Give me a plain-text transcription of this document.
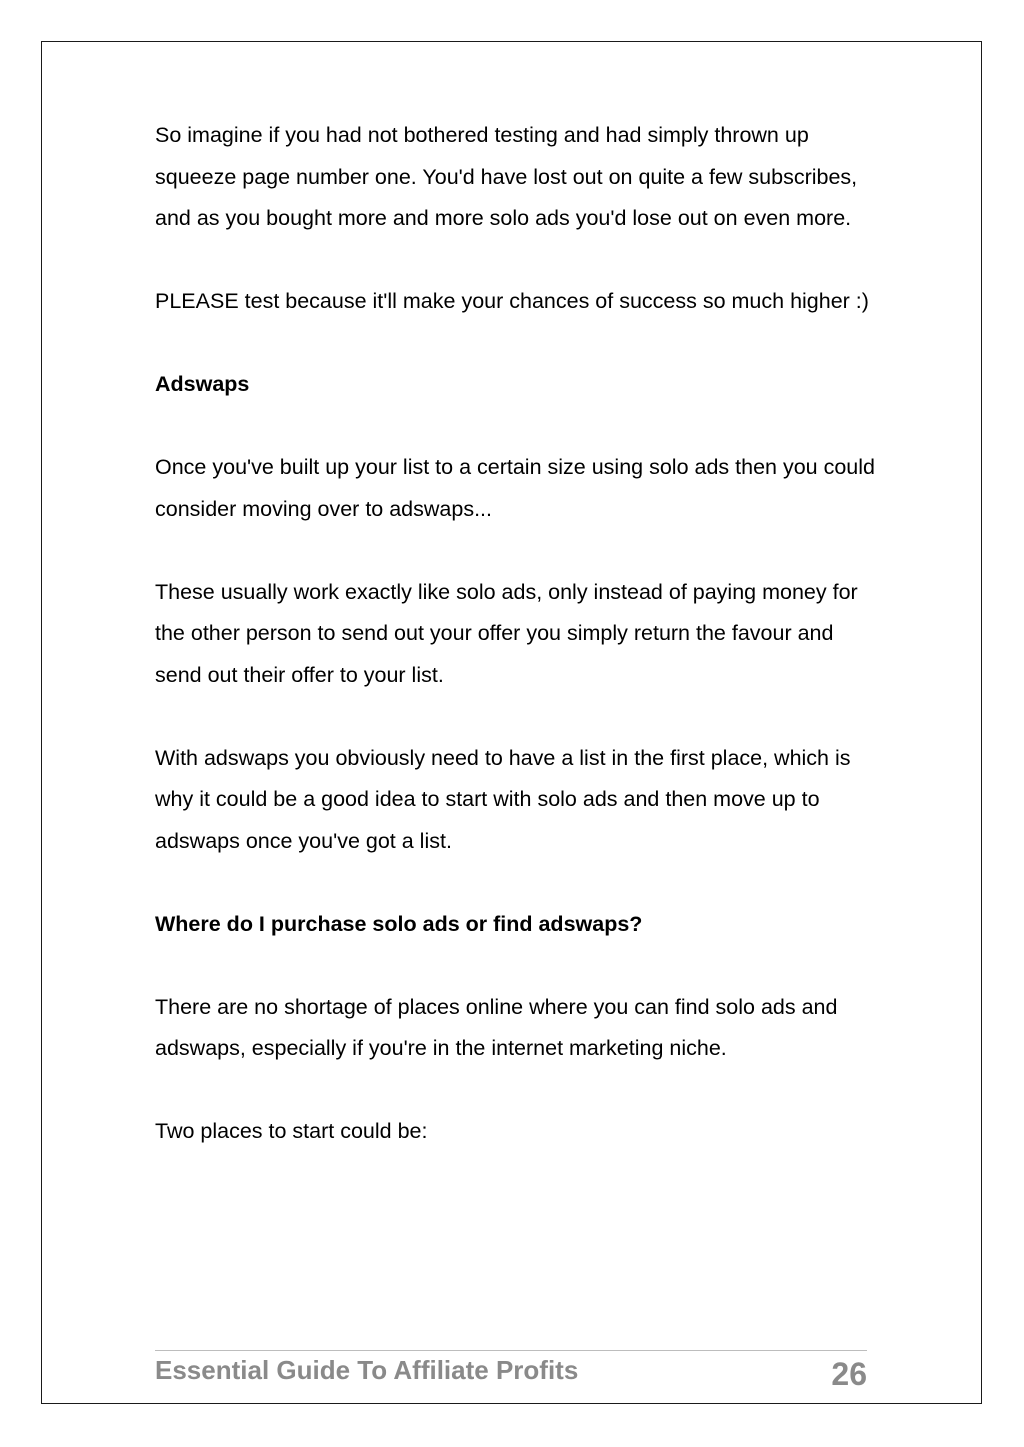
So imagine if you had not bothered testing and had simply thrown up squeeze page number one. You'd have lost out on quite a few subscribes, and as you bought more and more solo ads you'd lose out on even more.

PLEASE test because it'll make your chances of success so much higher :)

Adswaps

Once you've built up your list to a certain size using solo ads then you could consider moving over to adswaps...

These usually work exactly like solo ads, only instead of paying money for the other person to send out your offer you simply return the favour and send out their offer to your list.

With adswaps you obviously need to have a list in the first place, which is why it could be a good idea to start with solo ads and then move up to adswaps once you've got a list.

Where do I purchase solo ads or find adswaps?

There are no shortage of places online where you can find solo ads and adswaps, especially if you're in the internet marketing niche.

Two places to start could be:

Essential Guide To Affiliate Profits	26
